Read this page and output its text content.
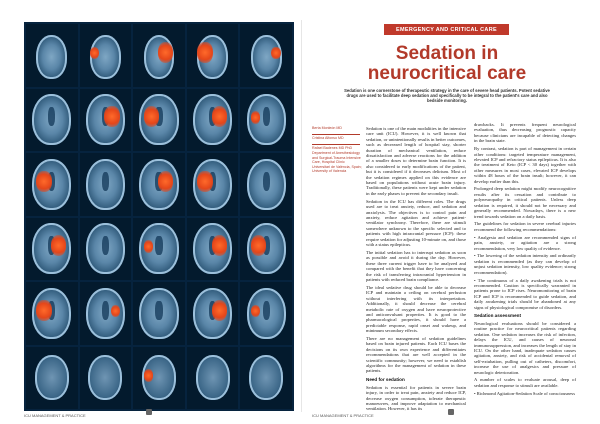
ICU MANAGEMENT & PRACTICE
EMERGENCY AND CRITICAL CARE
Sedation in neurocritical care
Sedation is one cornerstone of therapeutic strategy in the care of severe head patients. Potent sedative drugs are used to facilitate deep sedation and specifically to be integral to the patient's care and also bedside monitoring.

Berta Monleón MD

Cristina Alfonso MD

Rafael Badenes MD PhD Department of Anesthesiology and Surgical-Trauma Intensive Care, Hospital Clínic Universitari de València, Spain; University of Valencia

Sedation is one of the main modalities in the intensive care unit (ICU). However, it is well known that sedation, or unintentionally results in better outcomes, such as decreased length of hospital stay, shorter duration of mechanical ventilation, reduce dissatisfaction and adverse reactions for the addition of a smaller doses to determine brain function. It is also considered to early modifications of the patient, but it is considered if it decreases delirium. Most of the sedation regimes applied on this evidence are based on populations without acute brain injury. Traditionally, these patients were kept under sedation in the early phases to prevent the secondary insult.

Sedation in the ICU has different roles. The drugs used are to treat anxiety, reduce, and sedation and anxiolysis. The objectives is to control pain and anxiety, reduce agitation and achieve patient-ventilator synchrony. Therefore, there are stimuli somewhere unknown to the specific selected and to patients with high intracranial pressure (ICP): these require sedation for adjusting 10-minute on, and those with a status epilepticus.

The initial sedation has to interrupt sedation as soon as possible and avoid it during the day. However, these three current trigger have to be analyzed and compared with the benefit that they have concerning the risk of transferring intracranial hypertension in patients with reduced brain compliance.

The ideal sedative drug should be able to decrease ICP and maintain a ceiling on cerebral perfusion without interfering with its interpretation. Additionally, it should decrease the cerebral metabolic rate of oxygen and have neuroprotective and anticonvulsant properties. It is good to the pharmacological properties, it should have a predictable response, rapid onset and wakeup, and minimum secondary effects.

There are no management of sedation guidelines based on brain injured patients. Each ICU bases the decisions on its own experience and differentiates recommendations that are well accepted in the scientific community; however, we need to establish algorithms for the management of sedation in these patients.

Need for sedation

Sedation is essential for patients in severe brain injury, in order to treat pain, anxiety and reduce ICP, decrease oxygen consumption, tolerate therapeutic manoeuvres, and improve adaptation to mechanical ventilation. However, it has its

drawbacks. It prevents frequent neurological evaluation, thus decreasing prognostic capacity because clinicians are incapable of detecting changes in the brain state.

By contrast, sedation is part of management in certain other conditions: targeted temperature management, elevated ICP and refractory status epilepticus. It is also the treatment of Keto (ICP < 30 days) together with other measures in most cases, elevated ICP develops within 48 hours of the brain insult; however, it can develop earlier than this.

Prolonged deep sedation might modify neurocognitive results after its cessation and contribute to polyneuropathy in critical patients. Unless deep sedation is required, it should not be necessary and generally recommended. Nowadays, there is a new trend towards sedation on a daily basis.

The guidelines for sedation in severe cerebral injuries recommend the following recommendations:

• Analgesia and sedation are recommended signs of pain, anxiety, or agitation are a strong recommendation, very low quality of evidence.

• The lowering of the sedation intensity and ordinarily sedation is recommended (as they can develop of unjust sedation intensity, low quality evidence; strong recommendation).

• The continuous of a daily awakening trials is not recommended. Caution is specifically warranted in patients prone to ICP rises. Neuromonitoring of brain ICP and ICP is recommended to guide sedation, and daily awakening trials should be abandoned at any signs of physiological compromise of disorders.

Sedation assessment

Neurological evaluations should be considered a routine practice for neurocritical patients regarding sedation. One sedation increases the risk of infection, delays the ICU, and causes of neuronal immunosuppression, and increases the length of stay in ICU. On the other hand, inadequate sedation causes agitation, anxiety, and risk of accidental removal of self-extubation, pulling out of catheters, discomfort, increase the use of analgesics and pressure of neurologic deterioration.

A number of scales to evaluate arousal, deep of sedation and response to stimuli are available.

• Richmond Agitation-Sedation Scale of consciousness

ICU MANAGEMENT & PRACTICE
